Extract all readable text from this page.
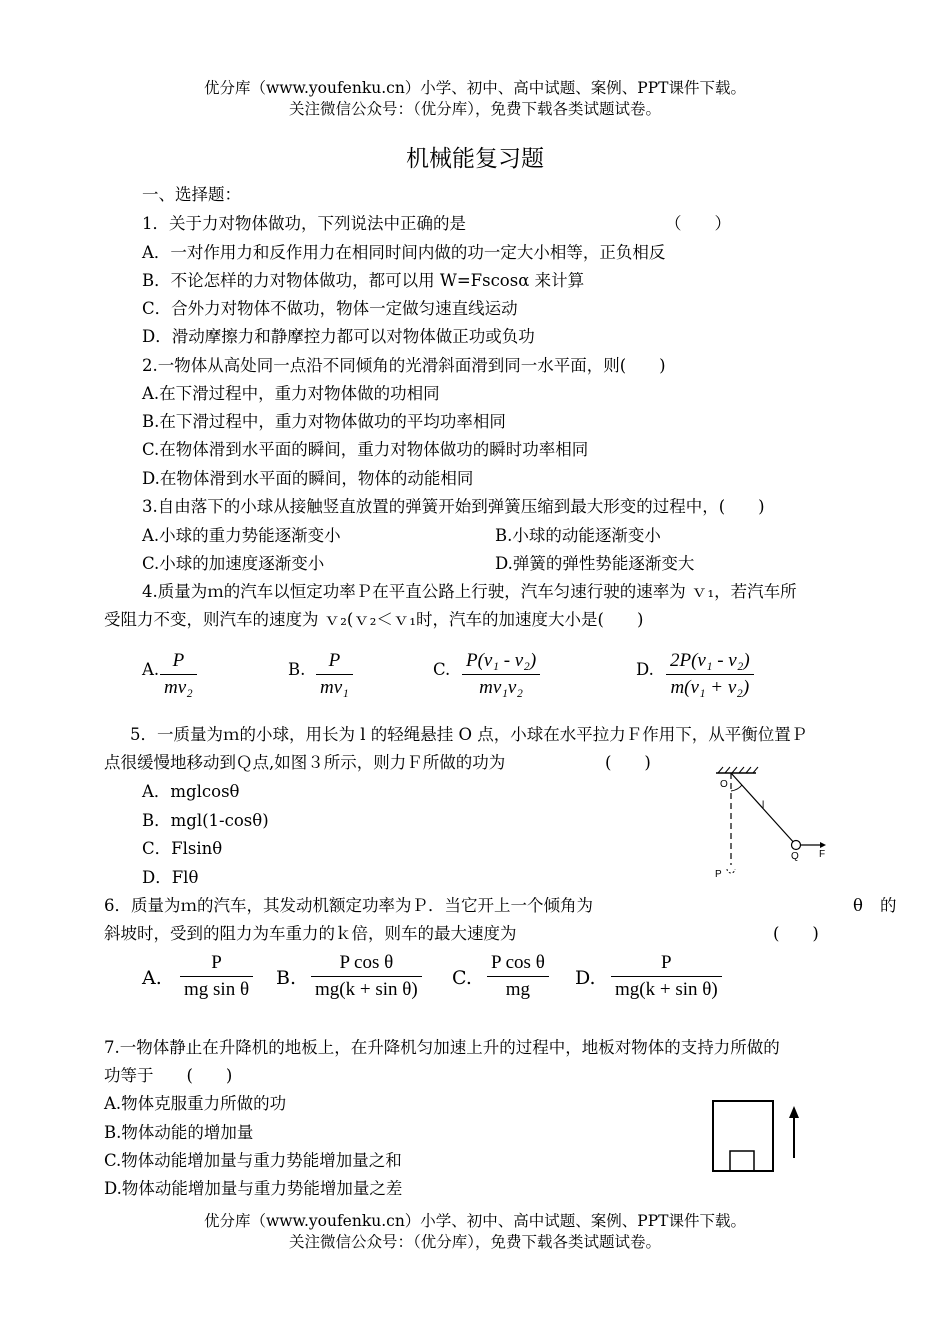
优分库（www.youfenku.cn）小学、初中、高中试题、案例、PPT课件下载。
关注微信公众号：（优分库），免费下载各类试题试卷。
机械能复习题
一、选择题：
1．关于力对物体做功，下列说法中正确的是	（　　）
A．一对作用力和反作用力在相同时间内做的功一定大小相等，正负相反
B．不论怎样的力对物体做功，都可以用 W=Fscosα 来计算
C．合外力对物体不做功，物体一定做匀速直线运动
D．滑动摩擦力和静摩控力都可以对物体做正功或负功
2.一物体从高处同一点沿不同倾角的光滑斜面滑到同一水平面，则(　　)
A.在下滑过程中，重力对物体做的功相同
B.在下滑过程中，重力对物体做功的平均功率相同
C.在物体滑到水平面的瞬间，重力对物体做功的瞬时功率相同
D.在物体滑到水平面的瞬间，物体的动能相同
3.自由落下的小球从接触竖直放置的弹簧开始到弹簧压缩到最大形变的过程中，(　　)
A.小球的重力势能逐渐变小	B.小球的动能逐渐变小
C.小球的加速度逐渐变小	D.弹簧的弹性势能逐渐变大
4.质量为ｍ的汽车以恒定功率Ｐ在平直公路上行驶，汽车匀速行驶的速率为 ｖ₁，若汽车所
受阻力不变，则汽车的速度为 ｖ₂(ｖ₂＜ｖ₁时，汽车的加速度大小是(　　)
A. P
mv₂
B.	P
mv₁
C. P(v₁ - v₂)
mv₁v₂
D. 2P(v₁ - v₂)
m(v₁ + v₂)
5．一质量为ｍ的小球，用长为 l 的轻绳悬挂 O 点，小球在水平拉力Ｆ作用下，从平衡位置Ｐ
点很缓慢地移动到Ｑ点,如图３所示，则力Ｆ所做的功为	(　　)
A．mglcosθ
B．mgl(1-cosθ)
C．Flsinθ
D．Flθ
O
l
P
Q F
6．质量为ｍ的汽车，其发动机额定功率为Ｐ．当它开上一个倾角为	θ 的
斜坡时，受到的阻力为车重力的ｋ倍，则车的最大速度为	(　　)
A.
P
mg sin θ
B.
P cos θ
mg(k + sin θ)
C.
P cos θ
mg
D.
P
mg(k + sin θ)
7.一物体静止在升降机的地板上，在升降机匀加速上升的过程中，地板对物体的支持力所做的
功等于　　(　　)
A.物体克服重力所做的功
B.物体动能的增加量
C.物体动能增加量与重力势能增加量之和
D.物体动能增加量与重力势能增加量之差
优分库（www.youfenku.cn）小学、初中、高中试题、案例、PPT课件下载。
关注微信公众号：（优分库），免费下载各类试题试卷。
